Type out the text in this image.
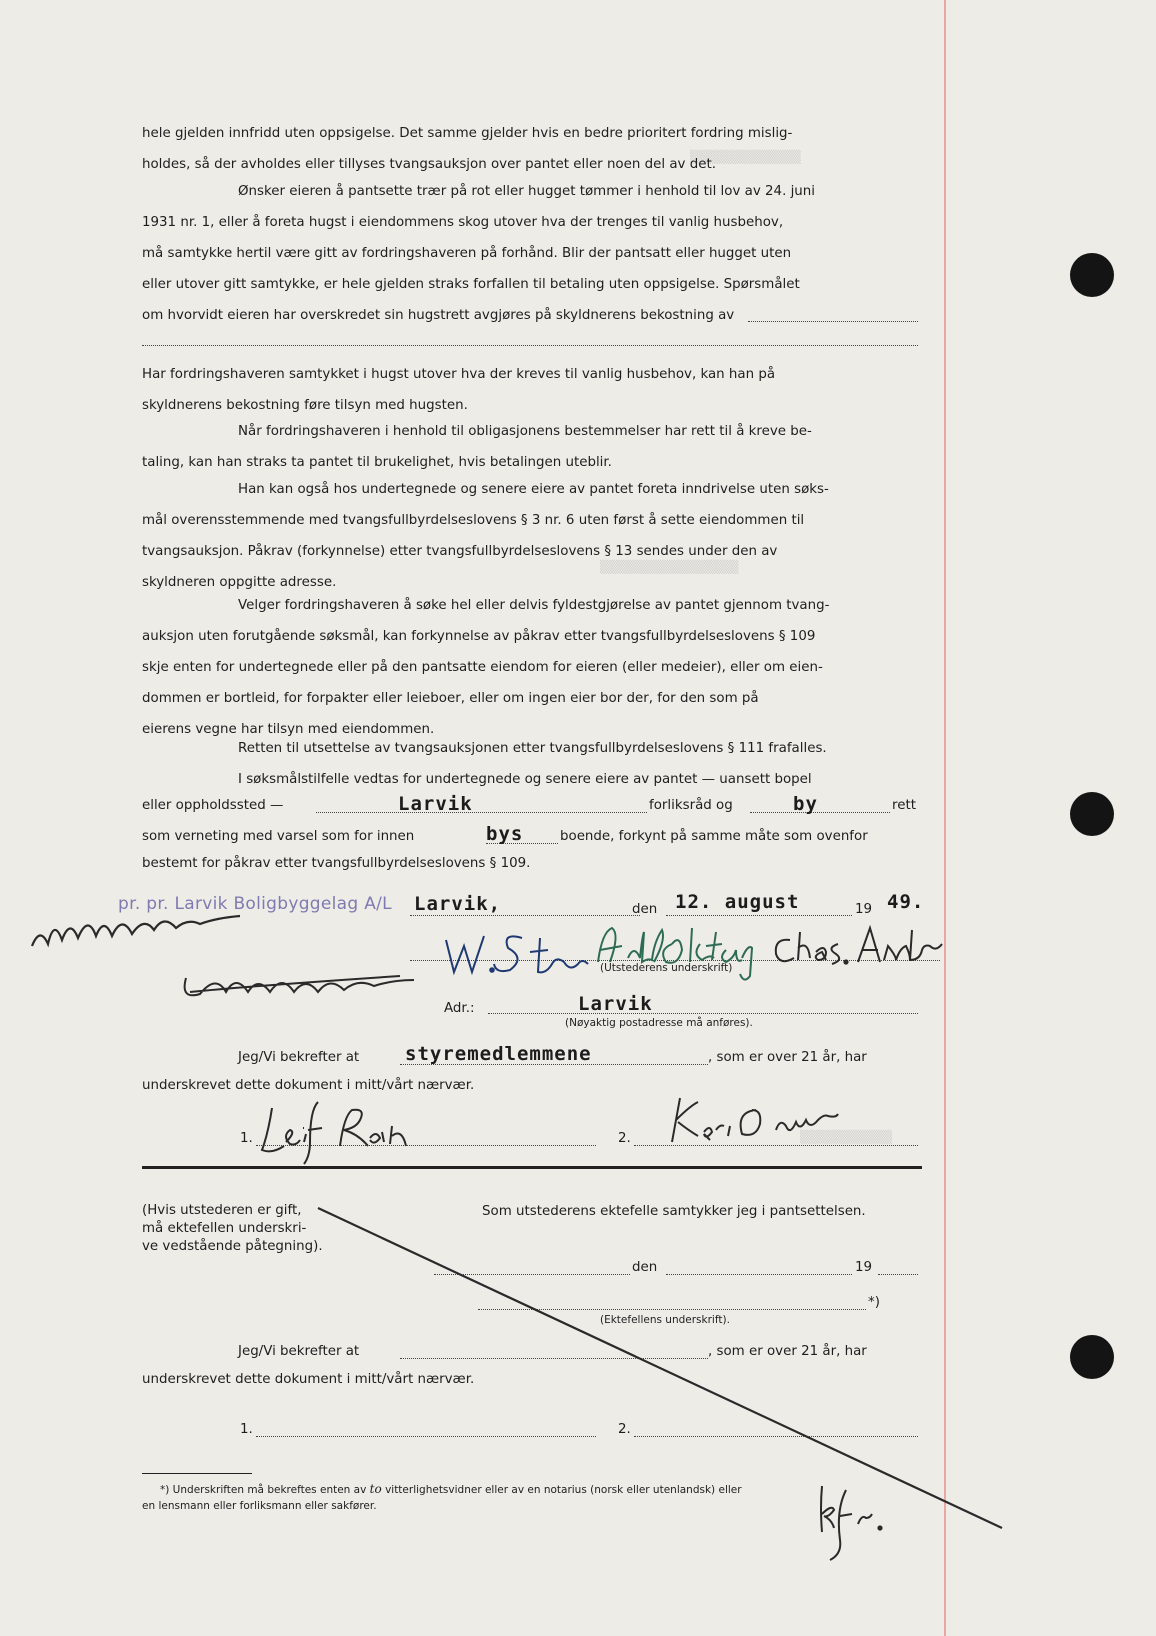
▒▒▒▒▒▒▒▒▒▒▒▒
▒▒▒▒▒▒▒▒▒▒▒▒▒▒▒
▒▒▒▒▒▒▒▒▒▒
hele gjelden innfridd uten oppsigelse. Det samme gjelder hvis en bedre prioritert fordring mislig-
holdes, så der avholdes eller tillyses tvangsauksjon over pantet eller noen del av det.
Ønsker eieren å pantsette trær på rot eller hugget tømmer i henhold til lov av 24. juni
1931 nr. 1, eller å foreta hugst i eiendommens skog utover hva der trenges til vanlig husbehov,
må samtykke hertil være gitt av fordringshaveren på forhånd. Blir der pantsatt eller hugget uten
eller utover gitt samtykke, er hele gjelden straks forfallen til betaling uten oppsigelse. Spørsmålet
om hvorvidt eieren har overskredet sin hugstrett avgjøres på skyldnerens bekostning av
Har fordringshaveren samtykket i hugst utover hva der kreves til vanlig husbehov, kan han på
skyldnerens bekostning føre tilsyn med hugsten.
Når fordringshaveren i henhold til obligasjonens bestemmelser har rett til å kreve be-
taling, kan han straks ta pantet til brukelighet, hvis betalingen uteblir.
Han kan også hos undertegnede og senere eiere av pantet foreta inndrivelse uten søks-
mål overensstemmende med tvangsfullbyrdelseslovens § 3 nr. 6 uten først å sette eiendommen til
tvangsauksjon. Påkrav (forkynnelse) etter tvangsfullbyrdelseslovens § 13 sendes under den av
skyldneren oppgitte adresse.
Velger fordringshaveren å søke hel eller delvis fyldestgjørelse av pantet gjennom tvang-
auksjon uten forutgående søksmål, kan forkynnelse av påkrav etter tvangsfullbyrdelseslovens § 109
skje enten for undertegnede eller på den pantsatte eiendom for eieren (eller medeier), eller om eien-
dommen er bortleid, for forpakter eller leieboer, eller om ingen eier bor der, for den som på
eierens vegne har tilsyn med eiendommen.
Retten til utsettelse av tvangsauksjonen etter tvangsfullbyrdelseslovens § 111 frafalles.
I søksmålstilfelle vedtas for undertegnede og senere eiere av pantet — uansett bopel
eller oppholdssted —	Larvik	forliksråd og	by	rett
som verneting med varsel som for innen	bys	boende, forkynt på samme måte som ovenfor
bestemt for påkrav etter tvangsfullbyrdelseslovens § 109.
pr. pr. Larvik Boligbyggelag A/L Larvik,	den 12. august	19 49.
(Utstederens underskrift)
Adr.:	Larvik
(Nøyaktig postadresse må anføres).
Jeg/Vi bekrefter at styremedlemmene	, som er over 21 år, har
underskrevet dette dokument i mitt/vårt nærvær.
1.	2.
(Hvis utstederen er gift,
må ektefellen underskri-
ve vedstående påtegning).
Som utstederens ektefelle samtykker jeg i pantsettelsen.
den	19
*)
(Ektefellens underskrift).
Jeg/Vi bekrefter at	, som er over 21 år, har
underskrevet dette dokument i mitt/vårt nærvær.
1.	2.
*) Underskriften må bekreftes enten av to vitterlighetsvidner eller av en notarius (norsk eller utenlandsk) eller
en lensmann eller forliksmann eller sakfører.
